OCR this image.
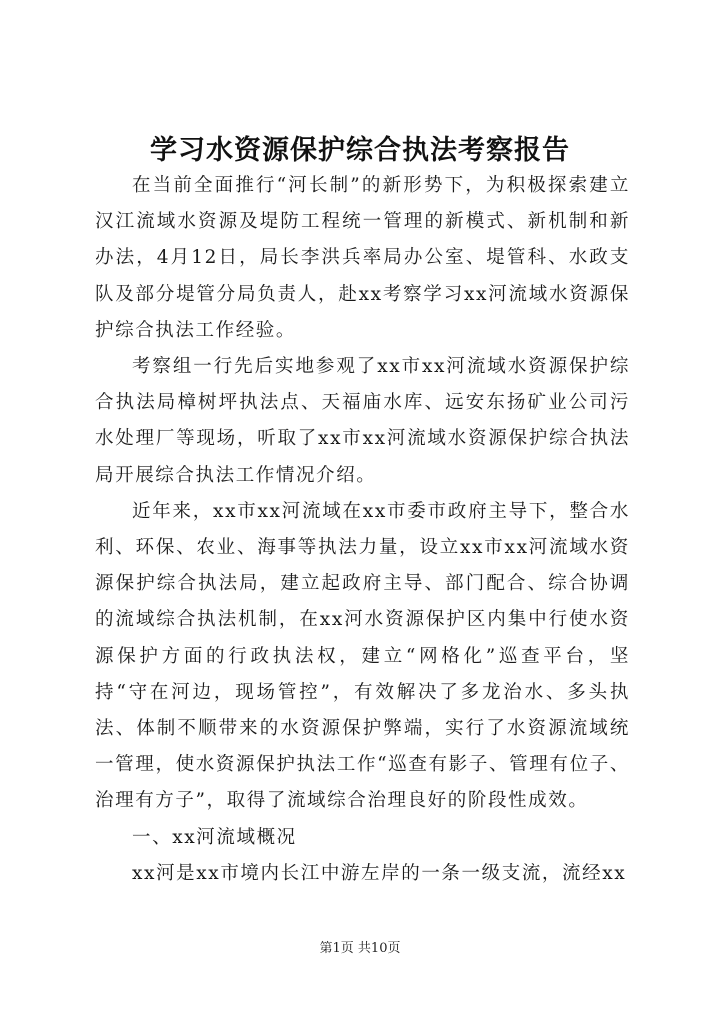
学习水资源保护综合执法考察报告

在当前全面推行“河长制”的新形势下，为积极探索建立汉江流域水资源及堤防工程统一管理的新模式、新机制和新办法，4月12日，局长李洪兵率局办公室、堤管科、水政支队及部分堤管分局负责人，赴xx考察学习xx河流域水资源保护综合执法工作经验。

考察组一行先后实地参观了xx市xx河流域水资源保护综合执法局樟树坪执法点、天福庙水库、远安东扬矿业公司污水处理厂等现场，听取了xx市xx河流域水资源保护综合执法局开展综合执法工作情况介绍。

近年来，xx市xx河流域在xx市委市政府主导下，整合水利、环保、农业、海事等执法力量，设立xx市xx河流域水资源保护综合执法局，建立起政府主导、部门配合、综合协调的流域综合执法机制，在xx河水资源保护区内集中行使水资源保护方面的行政执法权，建立“网格化”巡查平台，坚持“守在河边，现场管控”，有效解决了多龙治水、多头执法、体制不顺带来的水资源保护弊端，实行了水资源流域统一管理，使水资源保护执法工作“巡查有影子、管理有位子、治理有方子”，取得了流域综合治理良好的阶段性成效。

一、xx河流域概况

xx河是xx市境内长江中游左岸的一条一级支流，流经xx

第1页 共10页
